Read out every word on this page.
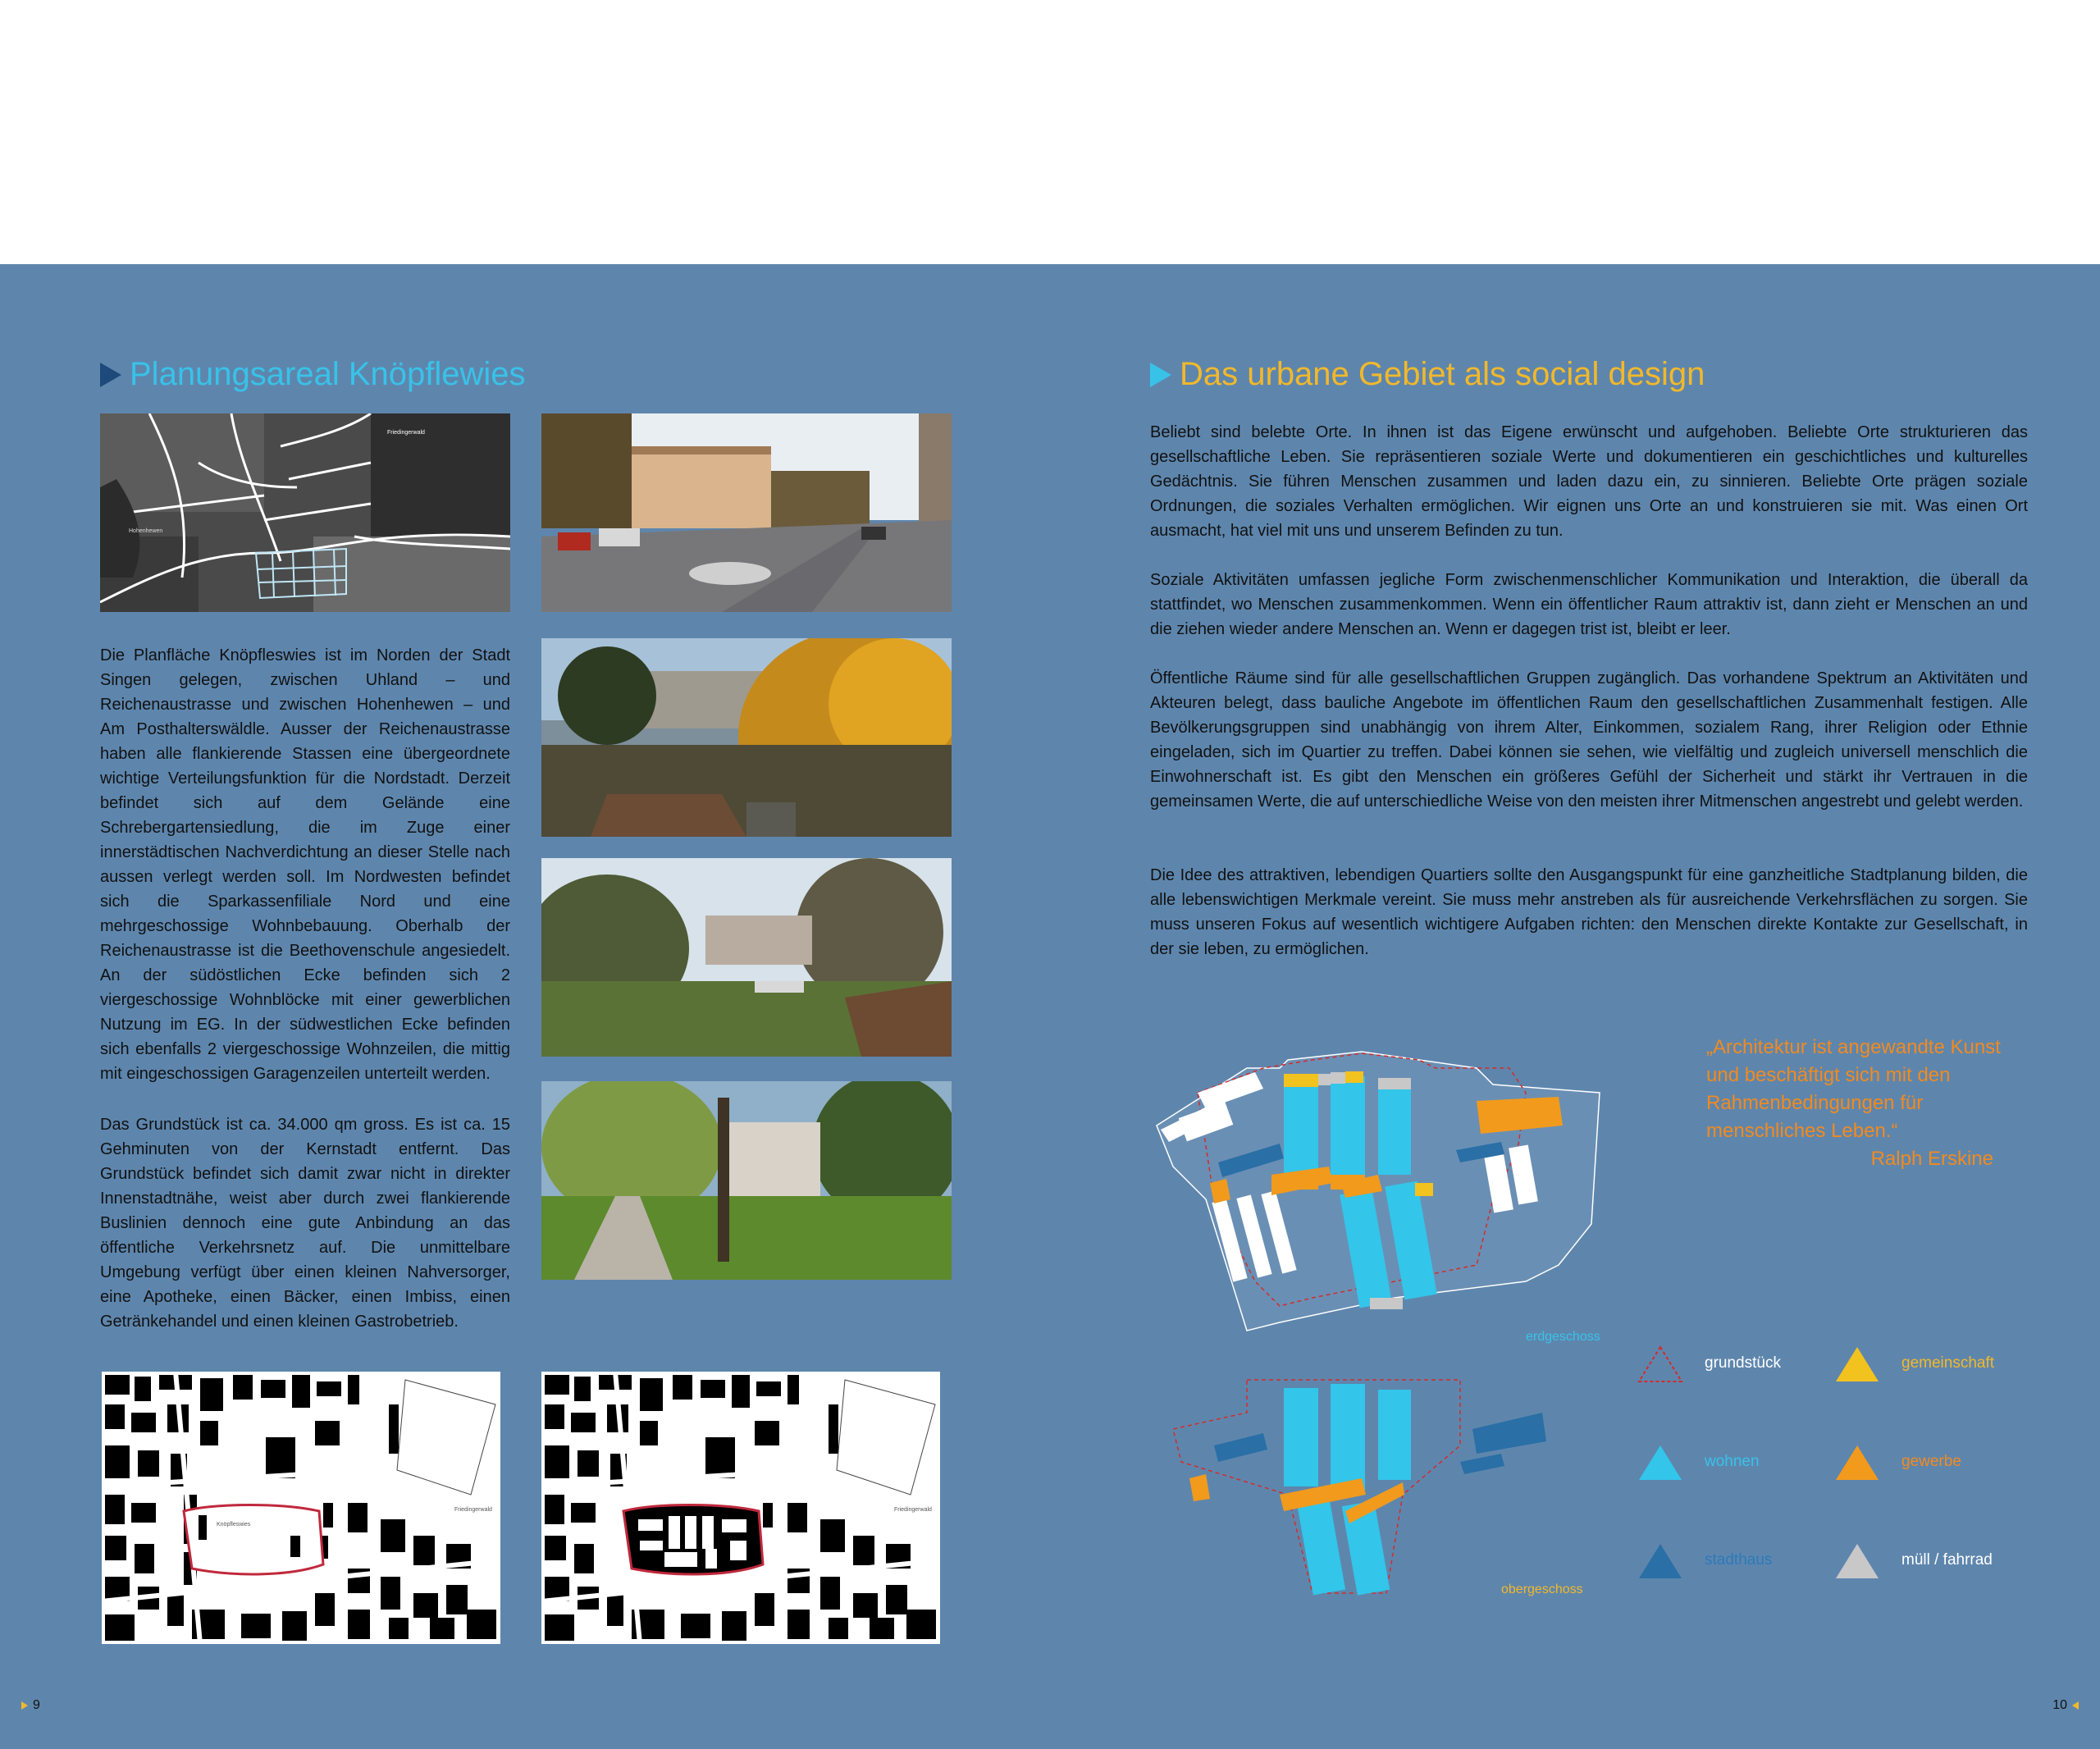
Planungsareal Knöpflewies
Friedingerwald
Hohenhewen

Die Planfläche Knöpfleswies ist im Norden der Stadt Singen gelegen, zwischen Uhland – und Reichenaustrasse und zwischen Hohenhewen – und Am Posthalterswäldle. Ausser der Reichenaustrasse haben alle flankierende Stassen eine übergeordnete wichtige Verteilungsfunktion für die Nordstadt. Derzeit befindet sich auf dem Gelände eine Schrebergartensiedlung, die im Zuge einer innerstädtischen Nachverdichtung an dieser Stelle nach aussen verlegt werden soll. Im Nordwesten befindet sich die Sparkassenfiliale Nord und eine mehrgeschossige Wohnbebauung. Oberhalb der Reichenaustrasse ist die Beethovenschule angesiedelt. An der südöstlichen Ecke befinden sich 2 viergeschossige Wohnblöcke mit einer gewerblichen Nutzung im EG. In der südwestlichen Ecke befinden sich ebenfalls 2 viergeschossige Wohnzeilen, die mittig mit eingeschossigen Garagenzeilen unterteilt werden.

Das Grundstück ist ca. 34.000 qm gross. Es ist ca. 15 Gehminuten von der Kernstadt entfernt. Das Grundstück befindet sich damit zwar nicht in direkter Innenstadtnähe, weist aber durch zwei flankierende Buslinien dennoch eine gute Anbindung an das öffentliche Verkehrsnetz auf. Die unmittelbare Umgebung verfügt über einen kleinen Nahversorger, eine Apotheke, einen Bäcker, einen Imbiss, einen Getränkehandel und einen kleinen Gastrobetrieb.

Knöpfleswies
Friedingerwald	Friedingerwald
9
Das urbane Gebiet als social design

Beliebt sind belebte Orte. In ihnen ist das Eigene erwünscht und aufgehoben. Beliebte Orte strukturieren das gesellschaftliche Leben. Sie repräsentieren soziale Werte und dokumentieren ein geschichtliches und kulturelles Gedächtnis. Sie führen Menschen zusammen und laden dazu ein, zu sinnieren. Beliebte Orte prägen soziale Ordnungen, die soziales Verhalten ermöglichen. Wir eignen uns Orte an und konstruieren sie mit. Was einen Ort ausmacht, hat viel mit uns und unserem Befinden zu tun.

Soziale Aktivitäten umfassen jegliche Form zwischenmenschlicher Kommunikation und Interaktion, die überall da stattfindet, wo Menschen zusammenkommen. Wenn ein öffentlicher Raum attraktiv ist, dann zieht er Menschen an und die ziehen wieder andere Menschen an. Wenn er dagegen trist ist, bleibt er leer.

Öffentliche Räume sind für alle gesellschaftlichen Gruppen zugänglich. Das vorhandene Spektrum an Aktivitäten und Akteuren belegt, dass bauliche Angebote im öffentlichen Raum den gesellschaftlichen Zusammenhalt festigen. Alle Bevölkerungsgruppen sind unabhängig von ihrem Alter, Einkommen, sozialem Rang, ihrer Religion oder Ethnie eingeladen, sich im Quartier zu treffen. Dabei können sie sehen, wie vielfältig und zugleich universell menschlich die Einwohnerschaft ist. Es gibt den Menschen ein größeres Gefühl der Sicherheit und stärkt ihr Vertrauen in die gemeinsamen Werte, die auf unterschiedliche Weise von den meisten ihrer Mitmenschen angestrebt und gelebt werden.

Die Idee des attraktiven, lebendigen Quartiers sollte den Ausgangspunkt für eine ganzheitliche Stadtplanung bilden, die alle lebenswichtigen Merkmale vereint. Sie muss mehr anstreben als für ausreichende Verkehrsflächen zu sorgen. Sie muss unseren Fokus auf wesentlich wichtigere Aufgaben richten: den Menschen direkte Kontakte zur Gesellschaft, in der sie leben, zu ermöglichen.

erdgeschoss
obergeschoss
„Architektur ist angewandte Kunst und beschäftigt sich mit den Rahmenbedingungen für menschliches Leben.“
Ralph Erskine
grundstück	gemeinschaft
wohnen	gewerbe
stadthaus	müll / fahrrad
10
